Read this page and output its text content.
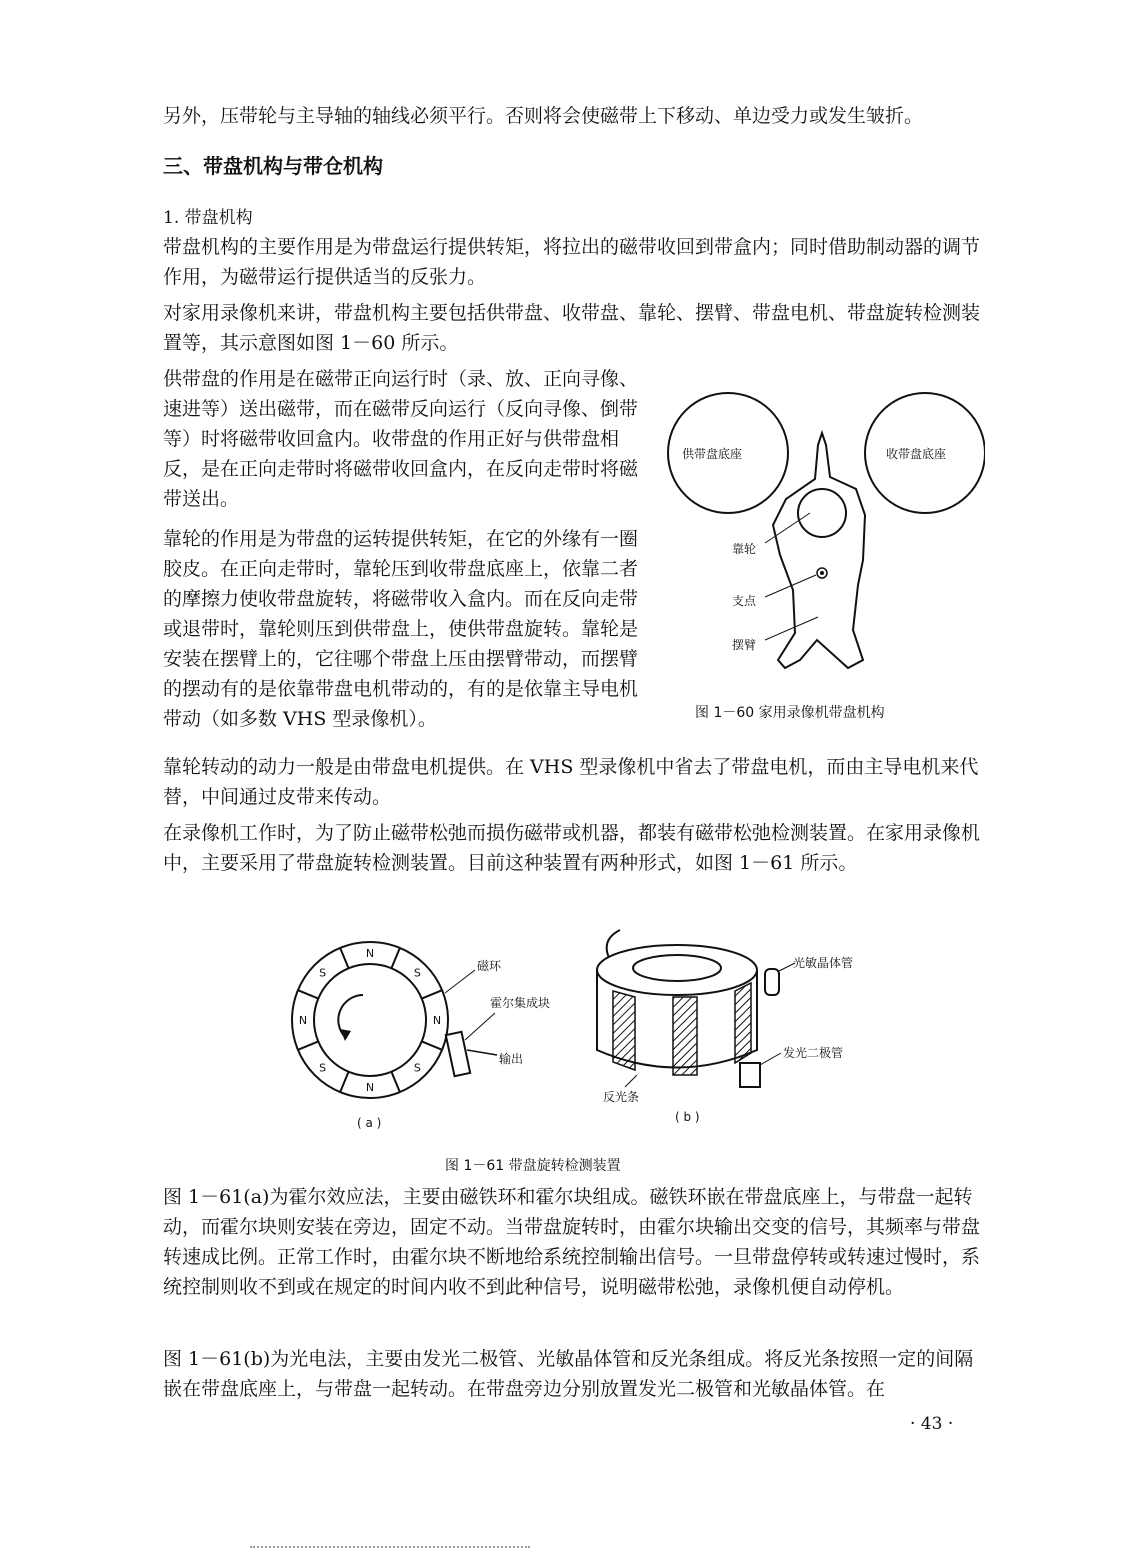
另外，压带轮与主导轴的轴线必须平行。否则将会使磁带上下移动、单边受力或发生皱折。
三、带盘机构与带仓机构
1. 带盘机构
带盘机构的主要作用是为带盘运行提供转矩，将拉出的磁带收回到带盒内；同时借助制动器的调节作用，为磁带运行提供适当的反张力。
对家用录像机来讲，带盘机构主要包括供带盘、收带盘、靠轮、摆臂、带盘电机、带盘旋转检测装置等，其示意图如图 1－60 所示。
供带盘的作用是在磁带正向运行时（录、放、正向寻像、速进等）送出磁带，而在磁带反向运行（反向寻像、倒带等）时将磁带收回盒内。收带盘的作用正好与供带盘相反，是在正向走带时将磁带收回盒内，在反向走带时将磁带送出。
靠轮的作用是为带盘的运转提供转矩，在它的外缘有一圈胶皮。在正向走带时，靠轮压到收带盘底座上，依靠二者的摩擦力使收带盘旋转，将磁带收入盒内。而在反向走带或退带时，靠轮则压到供带盘上，使供带盘旋转。靠轮是安装在摆臂上的，它往哪个带盘上压由摆臂带动，而摆臂的摆动有的是依靠带盘电机带动的，有的是依靠主导电机带动（如多数 VHS 型录像机）。
靠轮转动的动力一般是由带盘电机提供。在 VHS 型录像机中省去了带盘电机，而由主导电机来代替，中间通过皮带来传动。
在录像机工作时，为了防止磁带松弛而损伤磁带或机器，都装有磁带松弛检测装置。在家用录像机中，主要采用了带盘旋转检测装置。目前这种装置有两种形式，如图 1－61 所示。
供带盘底座	收带盘底座
靠轮
支点
摆臂
图 1－60 家用录像机带盘机构
N
S
N
S
N
S
N
S
磁环
霍尔集成块
输出
( a )
光敏晶体管
发光二极管
反光条
( b )
图 1－61 带盘旋转检测装置
图 1－61(a)为霍尔效应法，主要由磁铁环和霍尔块组成。磁铁环嵌在带盘底座上，与带盘一起转动，而霍尔块则安装在旁边，固定不动。当带盘旋转时，由霍尔块输出交变的信号，其频率与带盘转速成比例。正常工作时，由霍尔块不断地给系统控制输出信号。一旦带盘停转或转速过慢时，系统控制则收不到或在规定的时间内收不到此种信号，说明磁带松弛，录像机便自动停机。
图 1－61(b)为光电法，主要由发光二极管、光敏晶体管和反光条组成。将反光条按照一定的间隔嵌在带盘底座上，与带盘一起转动。在带盘旁边分别放置发光二极管和光敏晶体管。在
· 43 ·
